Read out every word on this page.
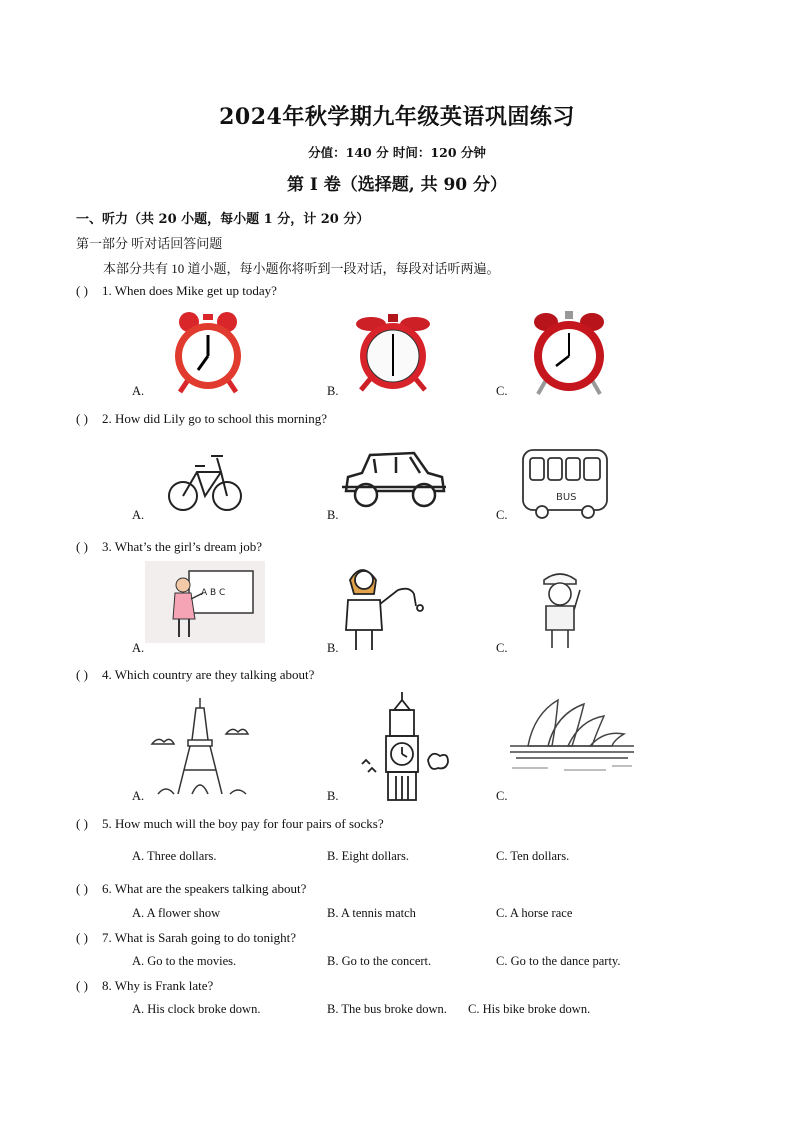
2024年秋学期九年级英语巩固练习
分值：140 分 时间：120 分钟
第 I 卷（选择题, 共 90 分）
一、听力（共 20 小题，每小题 1 分，计 20 分）
第一部分 听对话回答问题
本部分共有 10 道小题，每小题你将听到一段对话，每段对话听两遍。
( ) 1. When does Mike get up today?
A.	B.	C.
( ) 2. How did Lily go to school this morning?
BUS
A.	B.	C.
( ) 3. What’s the girl’s dream job?
A B C
A.	B.	C.
( ) 4. Which country are they talking about?
A.	B.	C.
( ) 5. How much will the boy pay for four pairs of socks?
A. Three dollars.	B. Eight dollars.	C. Ten dollars.
( ) 6. What are the speakers talking about?
A. A flower show	B. A tennis match	C. A horse race
( ) 7. What is Sarah going to do tonight?
A. Go to the movies.	B. Go to the concert.	C. Go to the dance party.
( ) 8. Why is Frank late?
A. His clock broke down.	B. The bus broke down. C. His bike broke down.
